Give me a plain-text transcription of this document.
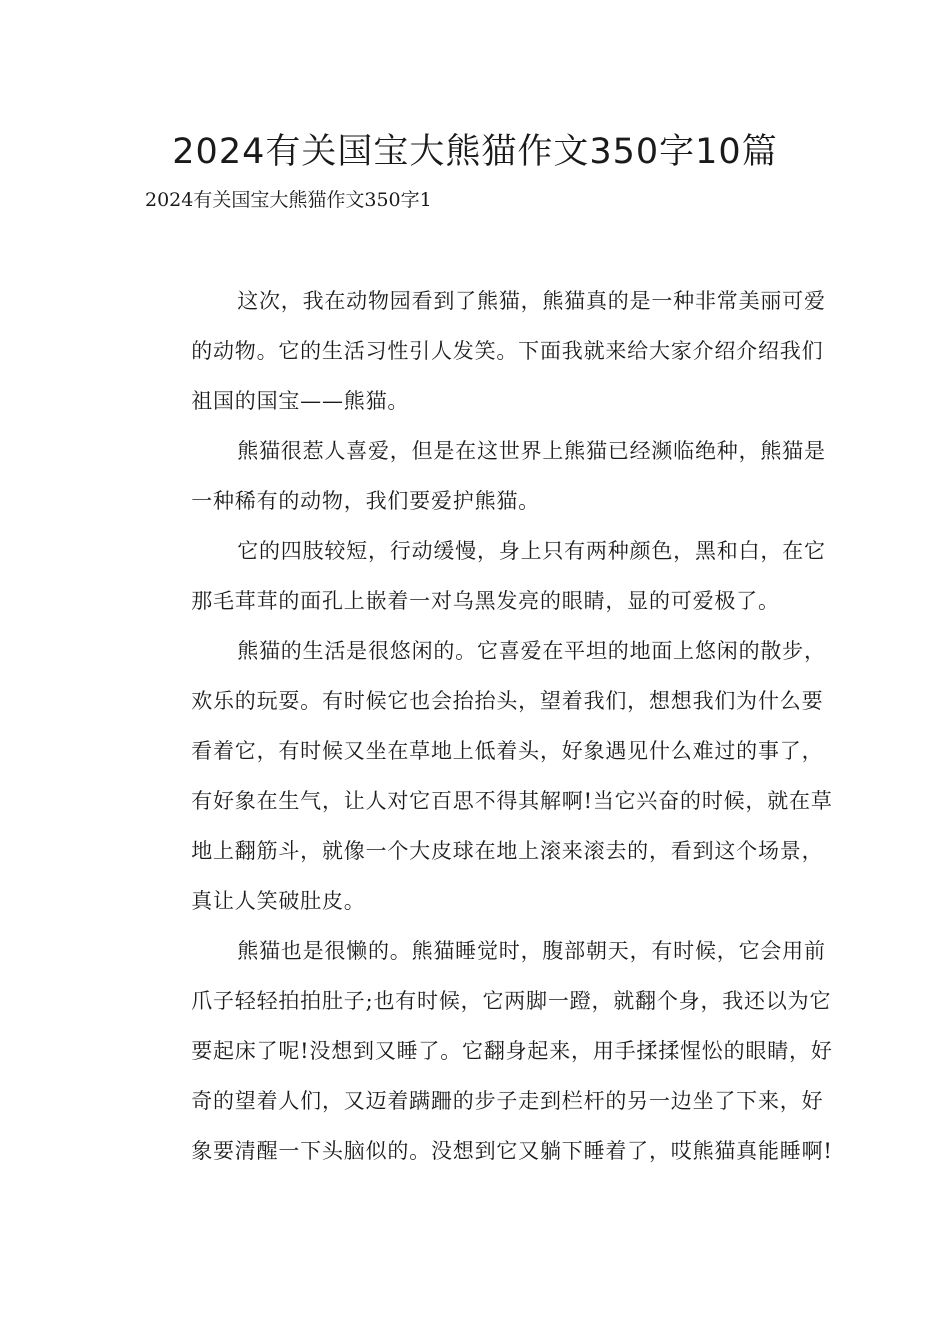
2024有关国宝大熊猫作文350字10篇

2024有关国宝大熊猫作文350字1

这次，我在动物园看到了熊猫，熊猫真的是一种非常美丽可爱
的动物。它的生活习性引人发笑。下面我就来给大家介绍介绍我们
祖国的国宝——熊猫。
熊猫很惹人喜爱，但是在这世界上熊猫已经濒临绝种，熊猫是
一种稀有的动物，我们要爱护熊猫。
它的四肢较短，行动缓慢，身上只有两种颜色，黑和白，在它
那毛茸茸的面孔上嵌着一对乌黑发亮的眼睛，显的可爱极了。
熊猫的生活是很悠闲的。它喜爱在平坦的地面上悠闲的散步，
欢乐的玩耍。有时候它也会抬抬头，望着我们，想想我们为什么要
看着它，有时候又坐在草地上低着头，好象遇见什么难过的事了，
有好象在生气，让人对它百思不得其解啊!当它兴奋的时候，就在草
地上翻筋斗，就像一个大皮球在地上滚来滚去的，看到这个场景，
真让人笑破肚皮。
熊猫也是很懒的。熊猫睡觉时，腹部朝天，有时候，它会用前
爪子轻轻拍拍肚子;也有时候，它两脚一蹬，就翻个身，我还以为它
要起床了呢!没想到又睡了。它翻身起来，用手揉揉惺忪的眼睛，好
奇的望着人们，又迈着蹒跚的步子走到栏杆的另一边坐了下来，好
象要清醒一下头脑似的。没想到它又躺下睡着了，哎熊猫真能睡啊!
